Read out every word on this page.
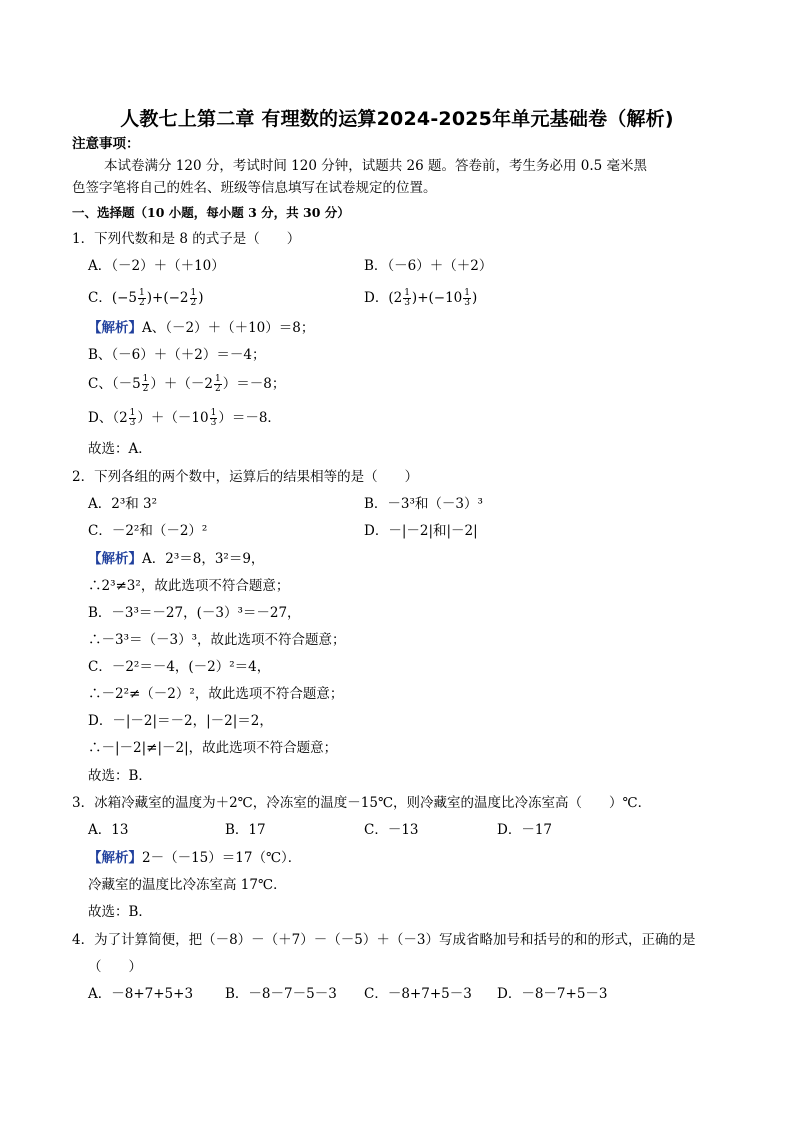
人教七上第二章 有理数的运算2024-2025年单元基础卷（解析)
注意事项：
本试卷满分 120 分，考试时间 120 分钟，试题共 26 题。答卷前，考生务必用 0.5 毫米黑
色签字笔将自己的姓名、班级等信息填写在试卷规定的位置。
一、选择题（10 小题，每小题 3 分，共 30 分）
1．下列代数和是 8 的式子是（　　）
A．（－2）＋（＋10）	B．（－6）＋（＋2）
C．$(-5 \frac{1}{2} )+(-2 \frac{1}{2}$ )	D．$(2 \frac{1}{3} )+(-10 \frac{1}{3}$ )
【解析】A、（－2）＋（＋10）＝8；
B、（－6）＋（＋2）＝－4；
C、$(-5 \frac{1}{2} )+(-2 \frac{1}{2} )=-8$；
D、$(2 \frac{1}{3} )+(-10 \frac{1}{3} )=-8$．
故选：A．
2．下列各组的两个数中，运算后的结果相等的是（　　）
A．2³和 3²	B．－3³和（－3）³
C．－2²和（－2）²	D．－|－2|和|－2|
【解析】A．2³＝8，3²＝9，
∴2³≠3²，故此选项不符合题意；
B．－3³＝－27，(－3）³＝－27，
∴－3³＝（－3）³，故此选项不符合题意；
C．－2²＝－4，(－2）²＝4，
∴－2²≠（－2）²，故此选项不符合题意；
D．－|－2|＝－2，|－2|＝2，
∴－|－2|≠|－2|，故此选项不符合题意；
故选：B．
3．冰箱冷藏室的温度为＋2℃，冷冻室的温度－15℃，则冷藏室的温度比冷冻室高（　　）℃．
A．13	B．17	C．－13	D．－17
【解析】2－（－15）＝17（℃）．
冷藏室的温度比冷冻室高 17℃．
故选：B．
4．为了计算简便，把（－8）－（＋7）－（－5）＋（－3）写成省略加号和括号的和的形式，正确的是
（　　）
A．－8+7+5+3 B．－8－7－5－3 C．－8+7+5－3 D．－8－7+5－3
